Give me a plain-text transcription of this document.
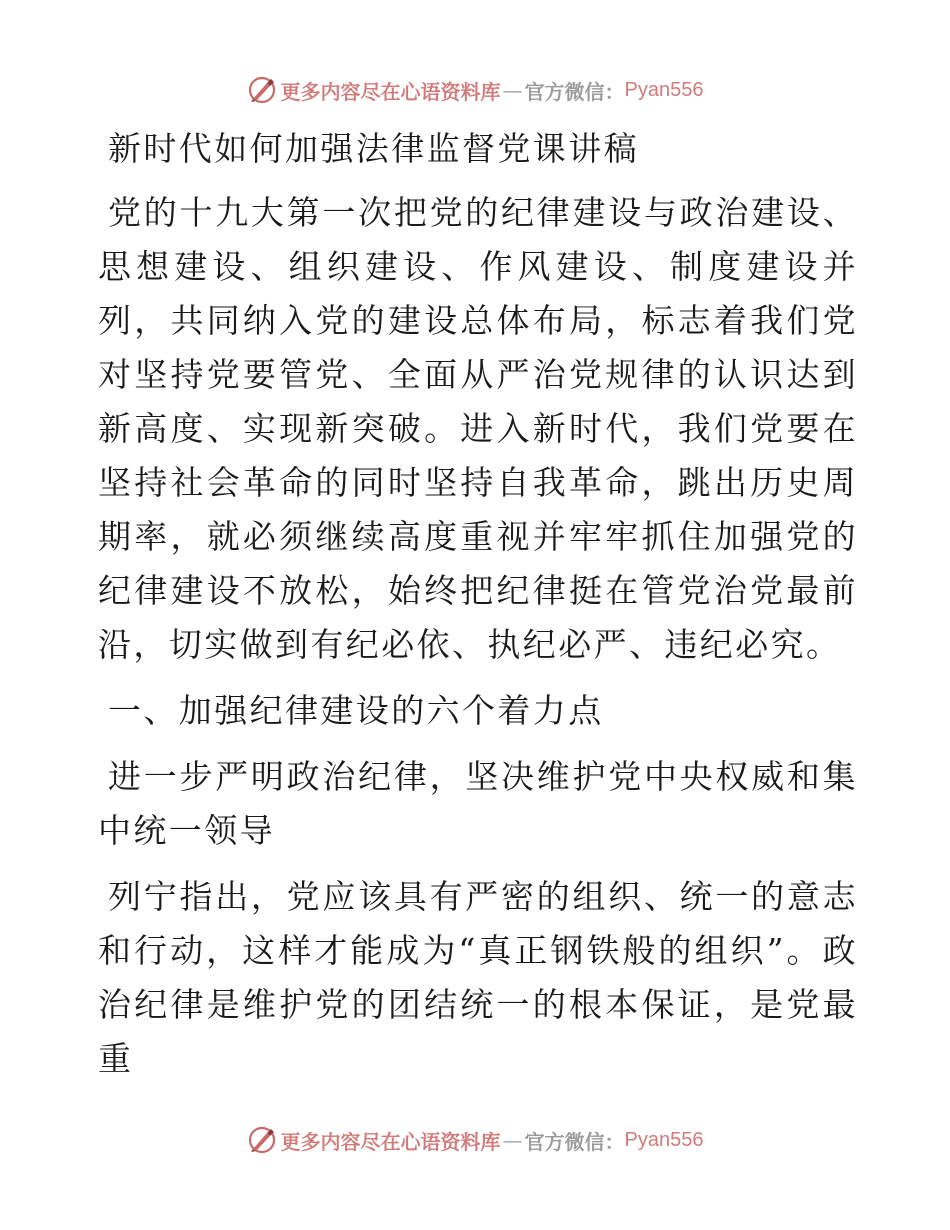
更多内容尽在心语资料库 — 官方微信： Pyan556

新时代如何加强法律监督党课讲稿

党的十九大第一次把党的纪律建设与政治建设、思想建设、组织建设、作风建设、制度建设并列，共同纳入党的建设总体布局，标志着我们党对坚持党要管党、全面从严治党规律的认识达到新高度、实现新突破。进入新时代，我们党要在坚持社会革命的同时坚持自我革命，跳出历史周期率，就必须继续高度重视并牢牢抓住加强党的纪律建设不放松，始终把纪律挺在管党治党最前沿，切实做到有纪必依、执纪必严、违纪必究。

一、加强纪律建设的六个着力点

进一步严明政治纪律，坚决维护党中央权威和集中统一领导

列宁指出，党应该具有严密的组织、统一的意志和行动，这样才能成为“真正钢铁般的组织”。政治纪律是维护党的团结统一的根本保证，是党最重

更多内容尽在心语资料库 — 官方微信： Pyan556
